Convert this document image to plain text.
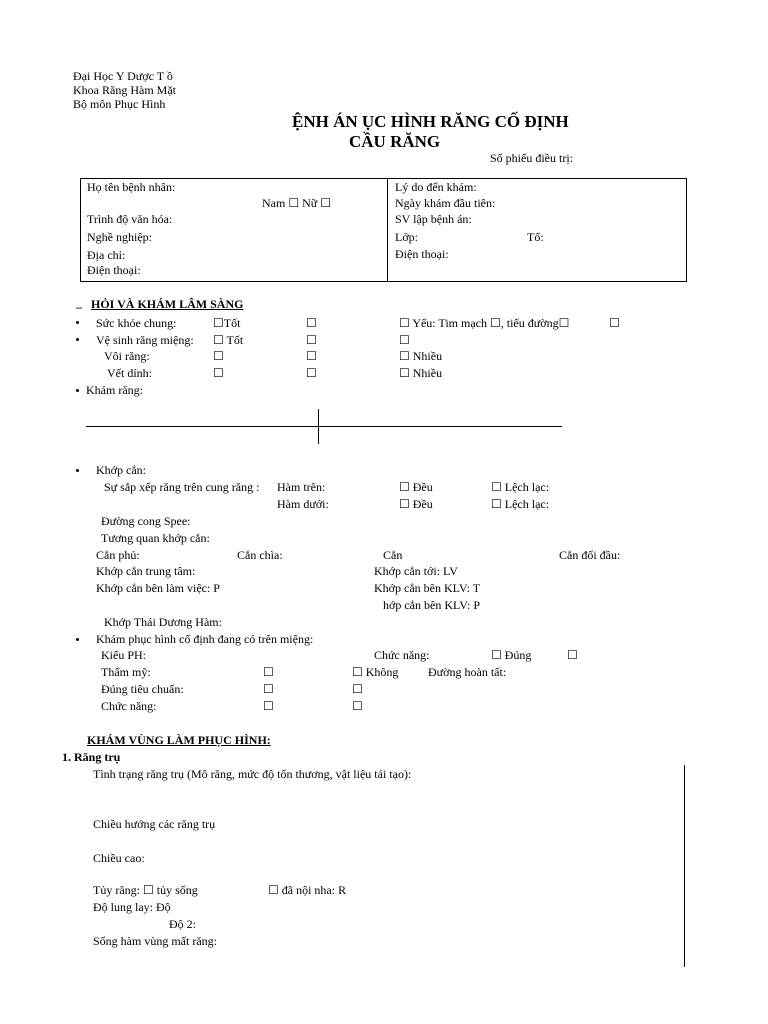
Đại Học Y Dược T ồ
Khoa Răng Hàm Mặt
Bộ môn Phục Hình
ỆNH ÁN ỤC HÌNH RĂNG CỐ ĐỊNH
CẦU RĂNG
Số phiếu điều trị:
Họ tên bệnh nhân:
Nam ☐ Nữ ☐
Trình độ văn hóa:
Nghề nghiệp:
Địa chỉ:
Điện thoại:
Lý do đến khám:
Ngày khám đầu tiên:
SV lập bệnh án:
Lớp:	Tổ:
Điện thoại:
_ HỎI VÀ KHÁM LÂM SÀNG
Sức khỏe chung:	☐Tốt	☐	☐ Yếu: Tim mạch ☐, tiểu đường☐	☐
Vệ sinh răng miệng: ☐ Tốt	☐	☐
Vôi răng:	☐	☐	☐ Nhiều
Vết dính:	☐	☐	☐ Nhiều
Khám răng:
Khớp cắn:
Sự sắp xếp răng trên cung răng : Hàm trên:	☐ Đều	☐ Lệch lạc:
Hàm dưới:	☐ Đều	☐ Lệch lạc:
Đường cong Spee:
Tương quan khớp cắn:
Cắn phủ:	Cắn chìa:	Cắn	Cắn đối đầu:
Khớp cắn trung tâm:	Khớp cắn tới: LV
Khớp cắn bên làm việc: P	Khớp cắn bên KLV: T
hớp cắn bên KLV: P
Khớp Thái Dương Hàm:
Khám phục hình cố định đang có trên miệng:
Kiểu PH:	Chức năng:	☐ Đúng	☐
Thẩm mỹ:	☐	☐ Không Đường hoàn tất:
Đúng tiêu chuẩn:	☐	☐
Chức năng:	☐	☐
KHÁM VÙNG LÀM PHỤC HÌNH:
1. Răng trụ
Tình trạng răng trụ (Mô răng, mức độ tổn thương, vật liệu tái tạo):
Chiều hướng các răng trụ
Chiều cao:
Tủy răng: ☐ tủy sống	☐ đã nội nha: R
Độ lung lay: Độ
Độ 2:
Sống hàm vùng mất răng:
